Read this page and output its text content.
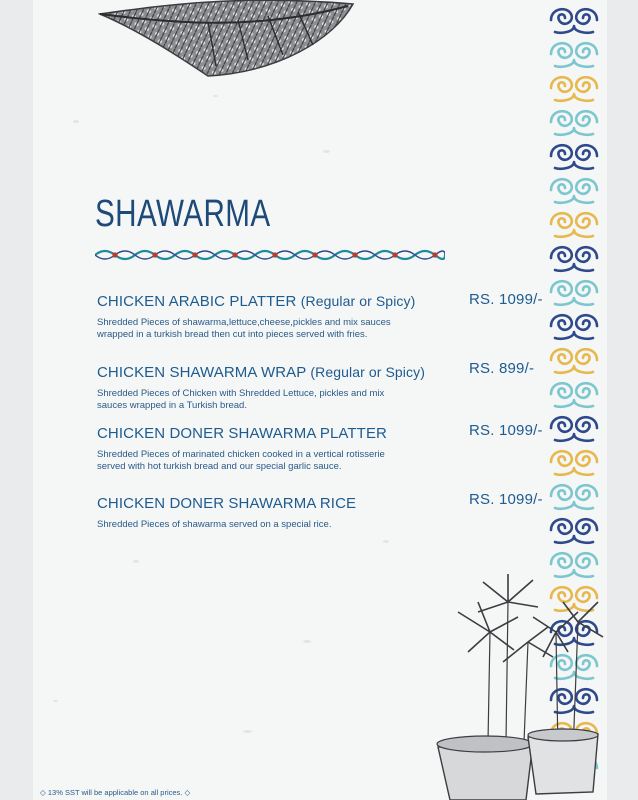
SHAWARMA
CHICKEN ARABIC PLATTER (Regular or Spicy)
Shredded Pieces of shawarma,lettuce,cheese,pickles and mix sauces wrapped in a turkish bread then cut into pieces served with fries.
RS. 1099/-
CHICKEN SHAWARMA WRAP (Regular or Spicy)
Shredded Pieces of Chicken with Shredded Lettuce, pickles and mix sauces wrapped in a Turkish bread.
RS. 899/-
CHICKEN DONER SHAWARMA PLATTER
Shredded Pieces of marinated chicken cooked in a vertical rotisserie served with hot turkish bread and our special garlic sauce.
RS. 1099/-
CHICKEN DONER SHAWARMA RICE
Shredded Pieces of shawarma served on a special rice.
RS. 1099/-
◇ 13% SST will be applicable on all prices. ◇
